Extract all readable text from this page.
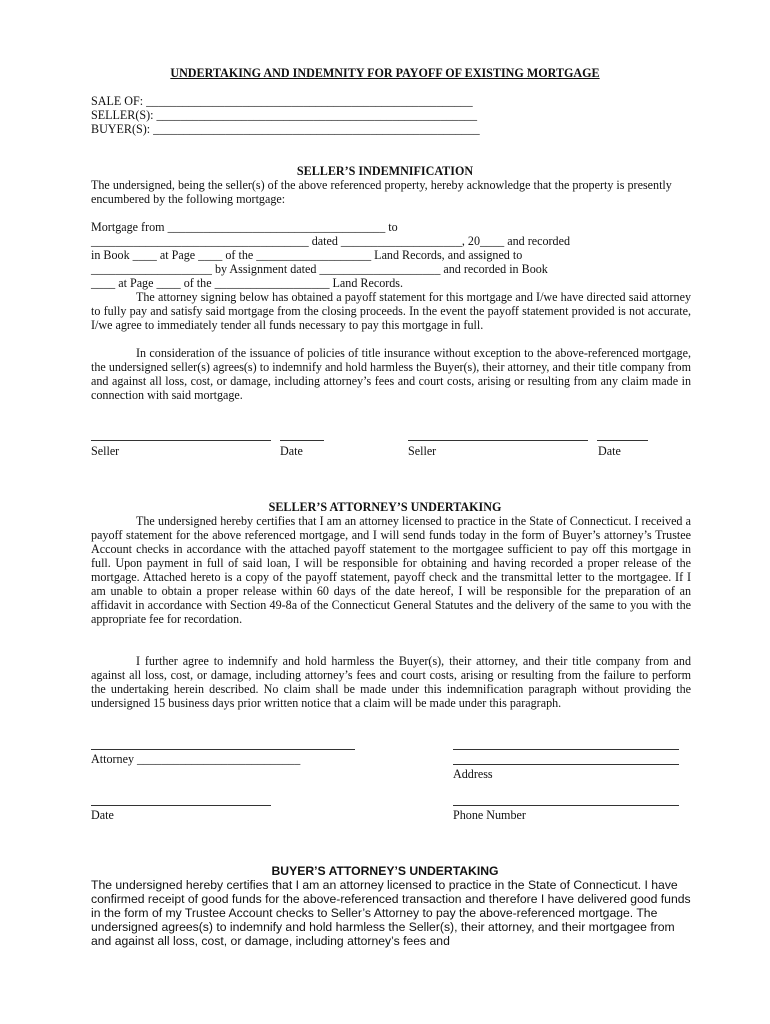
UNDERTAKING AND INDEMNITY FOR PAYOFF OF EXISTING MORTGAGE
SALE OF: ______________________________________________________
SELLER(S): _____________________________________________________
BUYER(S): ______________________________________________________
SELLER’S INDEMNIFICATION

The undersigned, being the seller(s) of the above referenced property, hereby acknowledge that the property is presently encumbered by the following mortgage:

Mortgage from ____________________________________ to
____________________________________ dated ____________________, 20____ and recorded
in Book ____ at Page ____ of the ___________________ Land Records, and assigned to
____________________ by Assignment dated ____________________ and recorded in Book
____ at Page ____ of the ___________________ Land Records.

The attorney signing below has obtained a payoff statement for this mortgage and I/we have directed said attorney to fully pay and satisfy said mortgage from the closing proceeds. In the event the payoff statement provided is not accurate, I/we agree to immediately tender all funds necessary to pay this mortgage in full.

In consideration of the issuance of policies of title insurance without exception to the above-referenced mortgage, the undersigned seller(s) agrees(s) to indemnify and hold harmless the Buyer(s), their attorney, and their title company from and against all loss, cost, or damage, including attorney’s fees and court costs, arising or resulting from any claim made in connection with said mortgage.

Seller	Date	Seller	Date
SELLER’S ATTORNEY’S UNDERTAKING

The undersigned hereby certifies that I am an attorney licensed to practice in the State of Connecticut. I received a payoff statement for the above referenced mortgage, and I will send funds today in the form of Buyer’s attorney’s Trustee Account checks in accordance with the attached payoff statement to the mortgagee sufficient to pay off this mortgage in full. Upon payment in full of said loan, I will be responsible for obtaining and having recorded a proper release of the mortgage. Attached hereto is a copy of the payoff statement, payoff check and the transmittal letter to the mortgagee. If I am unable to obtain a proper release within 60 days of the date hereof, I will be responsible for the preparation of an affidavit in accordance with Section 49-8a of the Connecticut General Statutes and the delivery of the same to you with the appropriate fee for recordation.

I further agree to indemnify and hold harmless the Buyer(s), their attorney, and their title company from and against all loss, cost, or damage, including attorney’s fees and court costs, arising or resulting from the failure to perform the undertaking herein described. No claim shall be made under this indemnification paragraph without providing the undersigned 15 business days prior written notice that a claim will be made under this paragraph.

Attorney ___________________________
Address
Date	Phone Number
BUYER’S ATTORNEY’S UNDERTAKING

The undersigned hereby certifies that I am an attorney licensed to practice in the State of Connecticut. I have confirmed receipt of good funds for the above-referenced transaction and therefore I have delivered good funds in the form of my Trustee Account checks to Seller’s Attorney to pay the above-referenced mortgage. The undersigned agrees(s) to indemnify and hold harmless the Seller(s), their attorney, and their mortgagee from and against all loss, cost, or damage, including attorney’s fees and
